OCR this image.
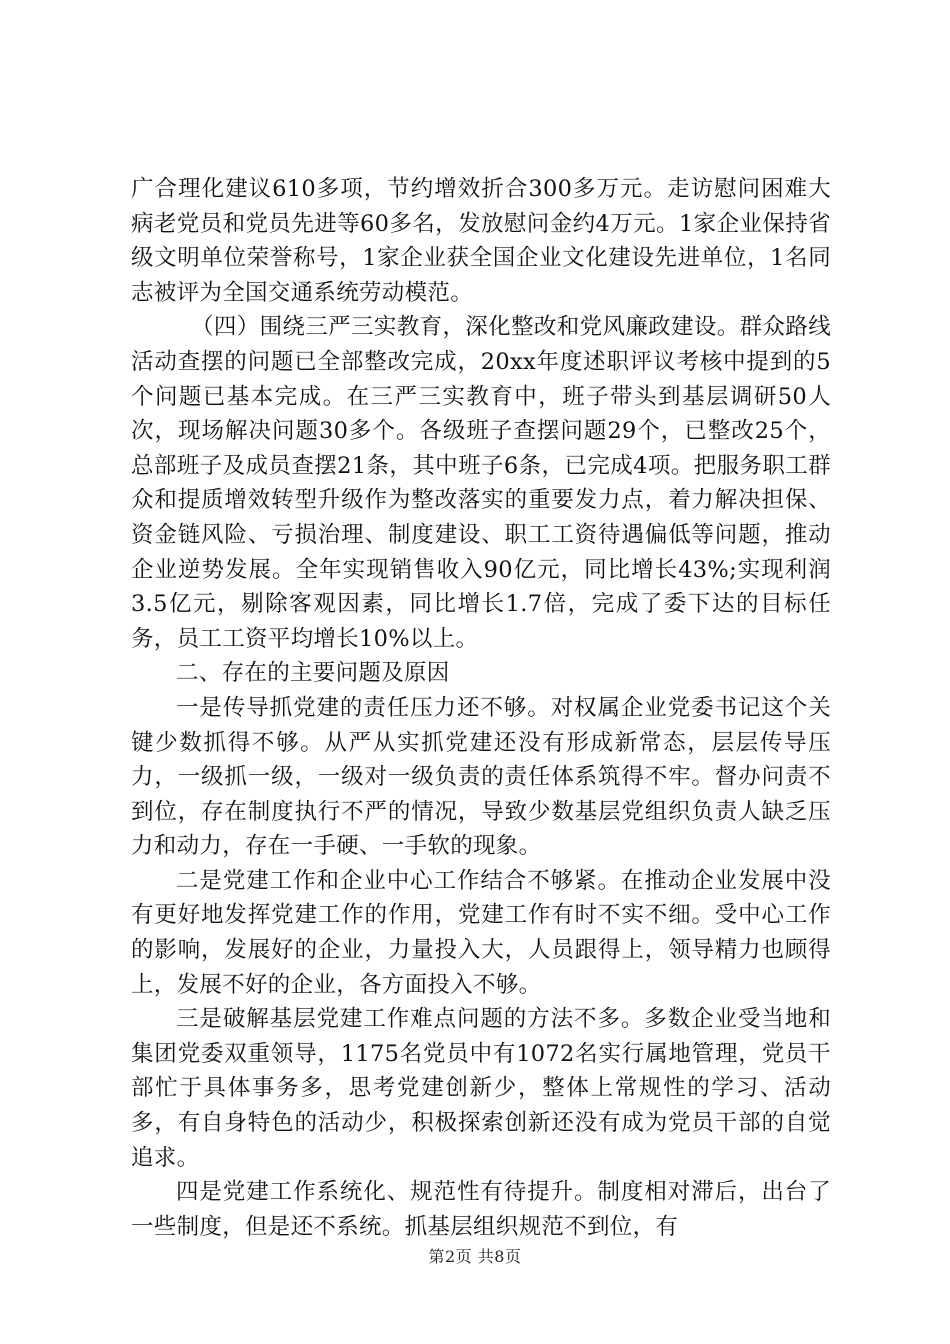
广合理化建议610多项，节约增效折合300多万元。走访慰问困难大病老党员和党员先进等60多名，发放慰问金约4万元。1家企业保持省级文明单位荣誉称号，1家企业获全国企业文化建设先进单位，1名同志被评为全国交通系统劳动模范。

（四）围绕三严三实教育，深化整改和党风廉政建设。群众路线活动查摆的问题已全部整改完成，20xx年度述职评议考核中提到的5个问题已基本完成。在三严三实教育中，班子带头到基层调研50人次，现场解决问题30多个。各级班子查摆问题29个，已整改25个，总部班子及成员查摆21条，其中班子6条，已完成4项。把服务职工群众和提质增效转型升级作为整改落实的重要发力点，着力解决担保、资金链风险、亏损治理、制度建设、职工工资待遇偏低等问题，推动企业逆势发展。全年实现销售收入90亿元，同比增长43%;实现利润3.5亿元，剔除客观因素，同比增长1.7倍，完成了委下达的目标任务，员工工资平均增长10%以上。

二、存在的主要问题及原因

一是传导抓党建的责任压力还不够。对权属企业党委书记这个关键少数抓得不够。从严从实抓党建还没有形成新常态，层层传导压力，一级抓一级，一级对一级负责的责任体系筑得不牢。督办问责不到位，存在制度执行不严的情况，导致少数基层党组织负责人缺乏压力和动力，存在一手硬、一手软的现象。

二是党建工作和企业中心工作结合不够紧。在推动企业发展中没有更好地发挥党建工作的作用，党建工作有时不实不细。受中心工作的影响，发展好的企业，力量投入大，人员跟得上，领导精力也顾得上，发展不好的企业，各方面投入不够。

三是破解基层党建工作难点问题的方法不多。多数企业受当地和集团党委双重领导，1175名党员中有1072名实行属地管理，党员干部忙于具体事务多，思考党建创新少，整体上常规性的学习、活动多，有自身特色的活动少，积极探索创新还没有成为党员干部的自觉追求。

四是党建工作系统化、规范性有待提升。制度相对滞后，出台了一些制度，但是还不系统。抓基层组织规范不到位，有

第2页 共8页
